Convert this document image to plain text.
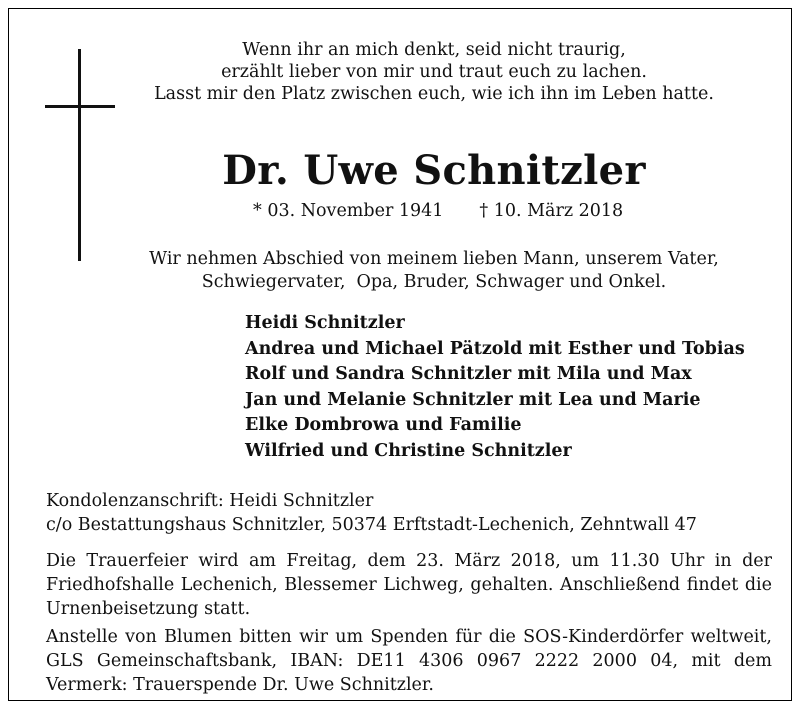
Wenn ihr an mich denkt, seid nicht traurig,
erzählt lieber von mir und traut euch zu lachen.
Lasst mir den Platz zwischen euch, wie ich ihn im Leben hatte.
Dr. Uwe Schnitzler
* 03. November 1941 † 10. März 2018
Wir nehmen Abschied von meinem lieben Mann, unserem Vater,
Schwiegervater,  Opa, Bruder, Schwager und Onkel.
Heidi Schnitzler
Andrea und Michael Pätzold mit Esther und Tobias
Rolf und Sandra Schnitzler mit Mila und Max
Jan und Melanie Schnitzler mit Lea und Marie
Elke Dombrowa und Familie
Wilfried und Christine Schnitzler
Kondolenzanschrift: Heidi Schnitzler
c/o Bestattungshaus Schnitzler, 50374 Erftstadt-Lechenich, Zehntwall 47
Die Trauerfeier wird am Freitag, dem 23. März 2018, um 11.30 Uhr in der Friedhofshalle Lechenich, Blessemer Lichweg, gehalten. Anschließend findet die Urnenbeisetzung statt.
Anstelle von Blumen bitten wir um Spenden für die SOS-Kinderdörfer weltweit, GLS Gemeinschaftsbank, IBAN: DE11 4306 0967 2222 2000 04, mit dem Vermerk: Trauerspende Dr. Uwe Schnitzler.
